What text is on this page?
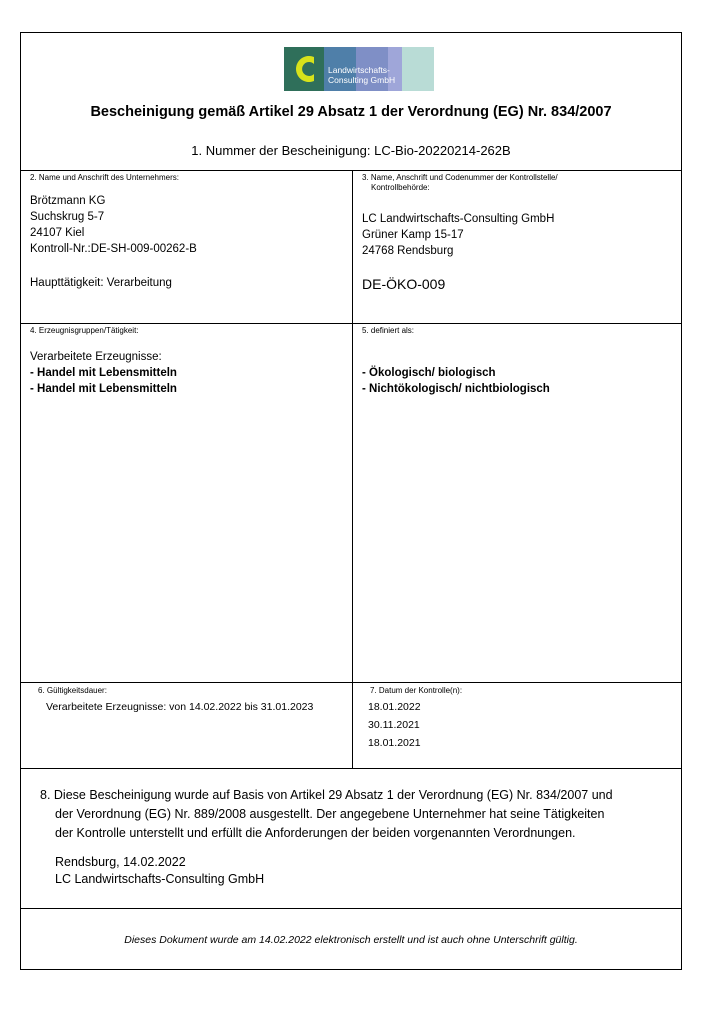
Landwirtschafts-
Consulting GmbH
Bescheinigung gemäß Artikel 29 Absatz 1 der Verordnung (EG) Nr. 834/2007
1. Nummer der Bescheinigung: LC-Bio-20220214-262B
2. Name und Anschrift des Unternehmers:
Brötzmann KG
Suchskrug 5-7
24107 Kiel
Kontroll-Nr.:DE-SH-009-00262-B
Haupttätigkeit: Verarbeitung
3. Name, Anschrift und Codenummer der Kontrollstelle/
Kontrollbehörde:
LC Landwirtschafts-Consulting GmbH
Grüner Kamp 15-17
24768 Rendsburg
DE-ÖKO-009
4. Erzeugnisgruppen/Tätigkeit:
Verarbeitete Erzeugnisse:
- Handel mit Lebensmitteln
- Handel mit Lebensmitteln
5. definiert als:
- Ökologisch/ biologisch
- Nichtökologisch/ nichtbiologisch
6. Gültigkeitsdauer:
Verarbeitete Erzeugnisse: von 14.02.2022 bis 31.01.2023
7. Datum der Kontrolle(n):
18.01.2022
30.11.2021
18.01.2021
8. Diese Bescheinigung wurde auf Basis von Artikel 29 Absatz 1 der Verordnung (EG) Nr. 834/2007 und
der Verordnung (EG) Nr. 889/2008 ausgestellt. Der angegebene Unternehmer hat seine Tätigkeiten
der Kontrolle unterstellt und erfüllt die Anforderungen der beiden vorgenannten Verordnungen.
Rendsburg, 14.02.2022
LC Landwirtschafts-Consulting GmbH
Dieses Dokument wurde am 14.02.2022 elektronisch erstellt und ist auch ohne Unterschrift gültig.
